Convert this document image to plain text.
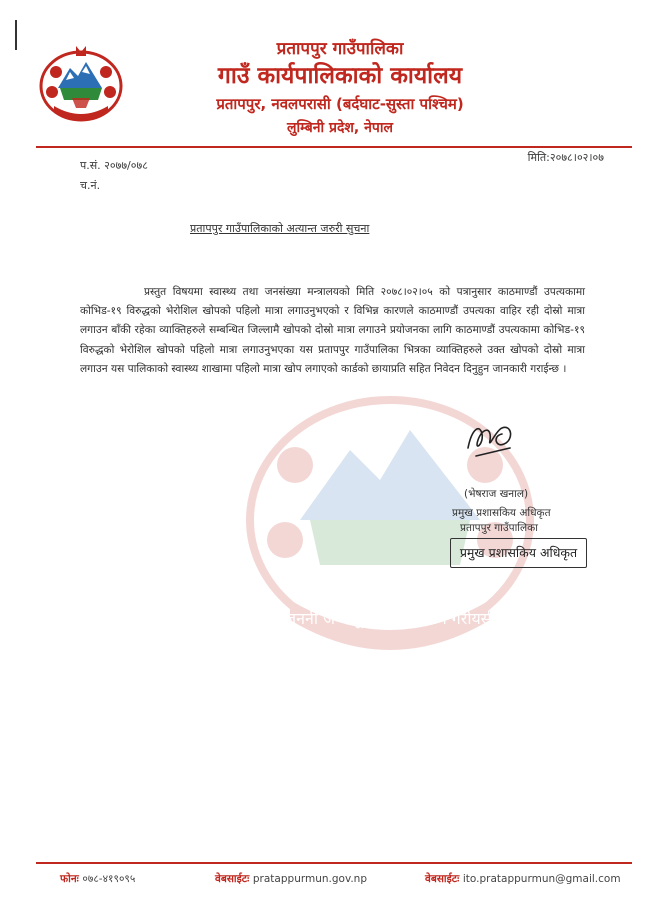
प्रतापपुर गाउँपालिका
गाउँ कार्यपालिकाको कार्यालय
प्रतापपुर, नवलपरासी (बर्दघाट-सुस्ता पश्चिम)
लुम्बिनी प्रदेश, नेपाल
प.सं. २०७७/०७८
च.नं.
मिति:२०७८।०२।०७
प्रतापपुर गाउँपालिकाको अत्यान्त जरुरी सुचना
जननी जन्मभूमिश्च स्वर्गादपि गरीयसी

प्रस्तुत विषयमा स्वास्थ्य तथा जनसंख्या मन्त्रालयको मिति २०७८।०२।०५ को पत्रानुसार काठमाण्डौं उपत्यकामा कोभिड-१९ विरुद्धको भेरोशिल खोपको पहिलो मात्रा लगाउनुभएको र विभिन्न कारणले काठमाण्डौं उपत्यका वाहिर रही दोस्रो मात्रा लगाउन बाँकी रहेका व्याक्तिहरुले सम्बन्धित जिल्लामै खोपको दोस्रो मात्रा लगाउने प्रयोजनका लागि काठमाण्डौं उपत्यकामा कोभिड-१९ विरुद्धको भेरोशिल खोपको पहिलो मात्रा लगाउनुभएका यस प्रतापपुर गाउँपालिका भित्रका व्याक्तिहरुले उक्त खोपको दोस्रो मात्रा लगाउन यस पालिकाको स्वास्थ्य शाखामा पहिलो मात्रा खोप लगाएको कार्डको छायाप्रति सहित निवेदन दिनुहुन जानकारी गराईन्छ ।

(भेषराज खनाल)
प्रमुख प्रशासकिय अधिकृत
प्रतापपुर गाउँपालिका
प्रमुख प्रशासकिय अधिकृत
फोनः ०७८-४१९०९५	वेबसाईटः pratappurmun.gov.np	वेबसाईटः ito.pratappurmun@gmail.com
